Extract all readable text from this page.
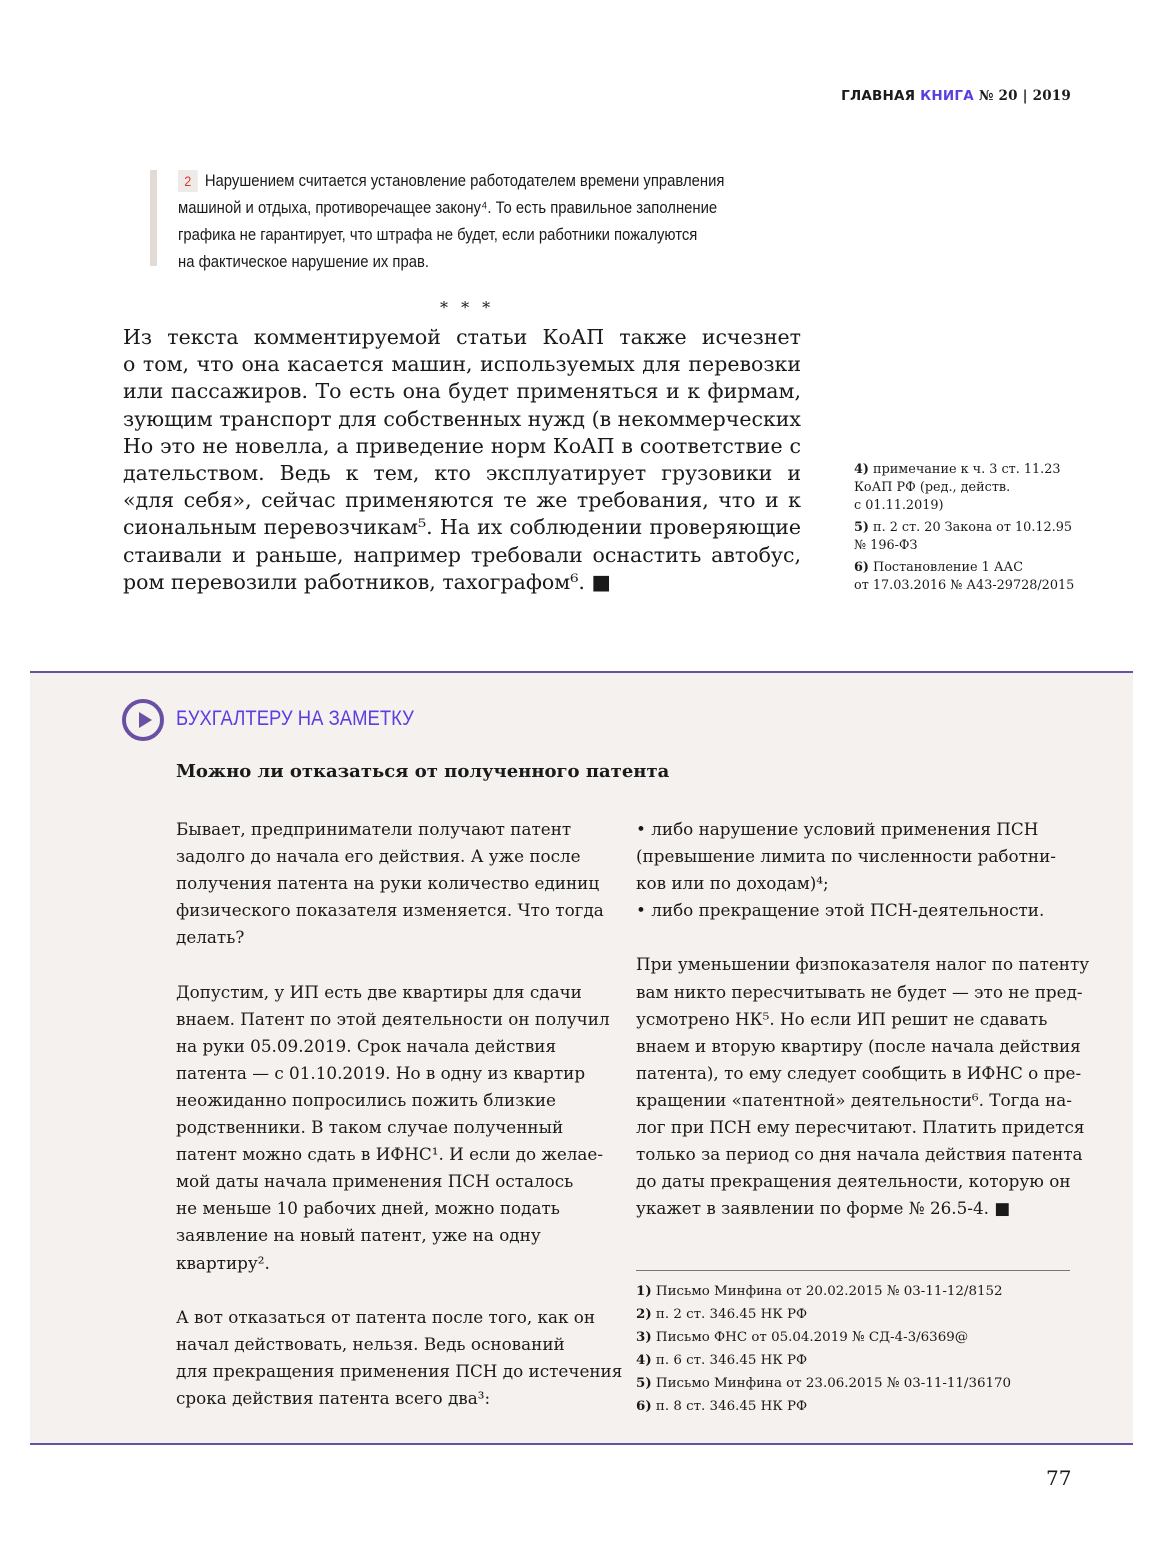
ГЛАВНАЯ КНИГА № 20 | 2019
2 Нарушением считается установление работодателем времени управления
машиной и отдыха, противоречащее закону⁴. То есть правильное заполнение
графика не гарантирует, что штрафа не будет, если работники пожалуются
на фактическое нарушение их прав.
* * *
Из текста комментируемой статьи КоАП также исчезнет
о том, что она касается машин, используемых для перевозки
или пассажиров. То есть она будет применяться и к фирмам,
зующим транспорт для собственных нужд (в некоммерческих
Но это не новелла, а приведение норм КоАП в соответствие с
дательством. Ведь к тем, кто эксплуатирует грузовики и
«для себя», сейчас применяются те же требования, что и к
сиональным перевозчикам⁵. На их соблюдении проверяющие
стаивали и раньше, например требовали оснастить автобус,
ром перевозили работников, тахографом⁶. ■
4) примечание к ч. 3 ст. 11.23
КоАП РФ (ред., действ.
с 01.11.2019)
5) п. 2 ст. 20 Закона от 10.12.95
№ 196-ФЗ
6) Постановление 1 ААС
от 17.03.2016 № А43-29728/2015
БУХГАЛТЕРУ НА ЗАМЕТКУ
Можно ли отказаться от полученного патента
Бывает, предприниматели получают патент
задолго до начала его действия. А уже после
получения патента на руки количество единиц
физического показателя изменяется. Что тогда
делать?
Допустим, у ИП есть две квартиры для сдачи
внаем. Патент по этой деятельности он получил
на руки 05.09.2019. Срок начала действия
патента — с 01.10.2019. Но в одну из квартир
неожиданно попросились пожить близкие
родственники. В таком случае полученный
патент можно сдать в ИФНС¹. И если до желае-
мой даты начала применения ПСН осталось
не меньше 10 рабочих дней, можно подать
заявление на новый патент, уже на одну
квартиру².
А вот отказаться от патента после того, как он
начал действовать, нельзя. Ведь оснований
для прекращения применения ПСН до истечения
срока действия патента всего два³:
• либо нарушение условий применения ПСН
(превышение лимита по численности работни-
ков или по доходам)⁴;
• либо прекращение этой ПСН-деятельности.
При уменьшении физпоказателя налог по патенту
вам никто пересчитывать не будет — это не пред-
усмотрено НК⁵. Но если ИП решит не сдавать
внаем и вторую квартиру (после начала действия
патента), то ему следует сообщить в ИФНС о пре-
кращении «патентной» деятельности⁶. Тогда на-
лог при ПСН ему пересчитают. Платить придется
только за период со дня начала действия патента
до даты прекращения деятельности, которую он
укажет в заявлении по форме № 26.5-4. ■
1) Письмо Минфина от 20.02.2015 № 03-11-12/8152
2) п. 2 ст. 346.45 НК РФ
3) Письмо ФНС от 05.04.2019 № СД-4-3/6369@
4) п. 6 ст. 346.45 НК РФ
5) Письмо Минфина от 23.06.2015 № 03-11-11/36170
6) п. 8 ст. 346.45 НК РФ
77
